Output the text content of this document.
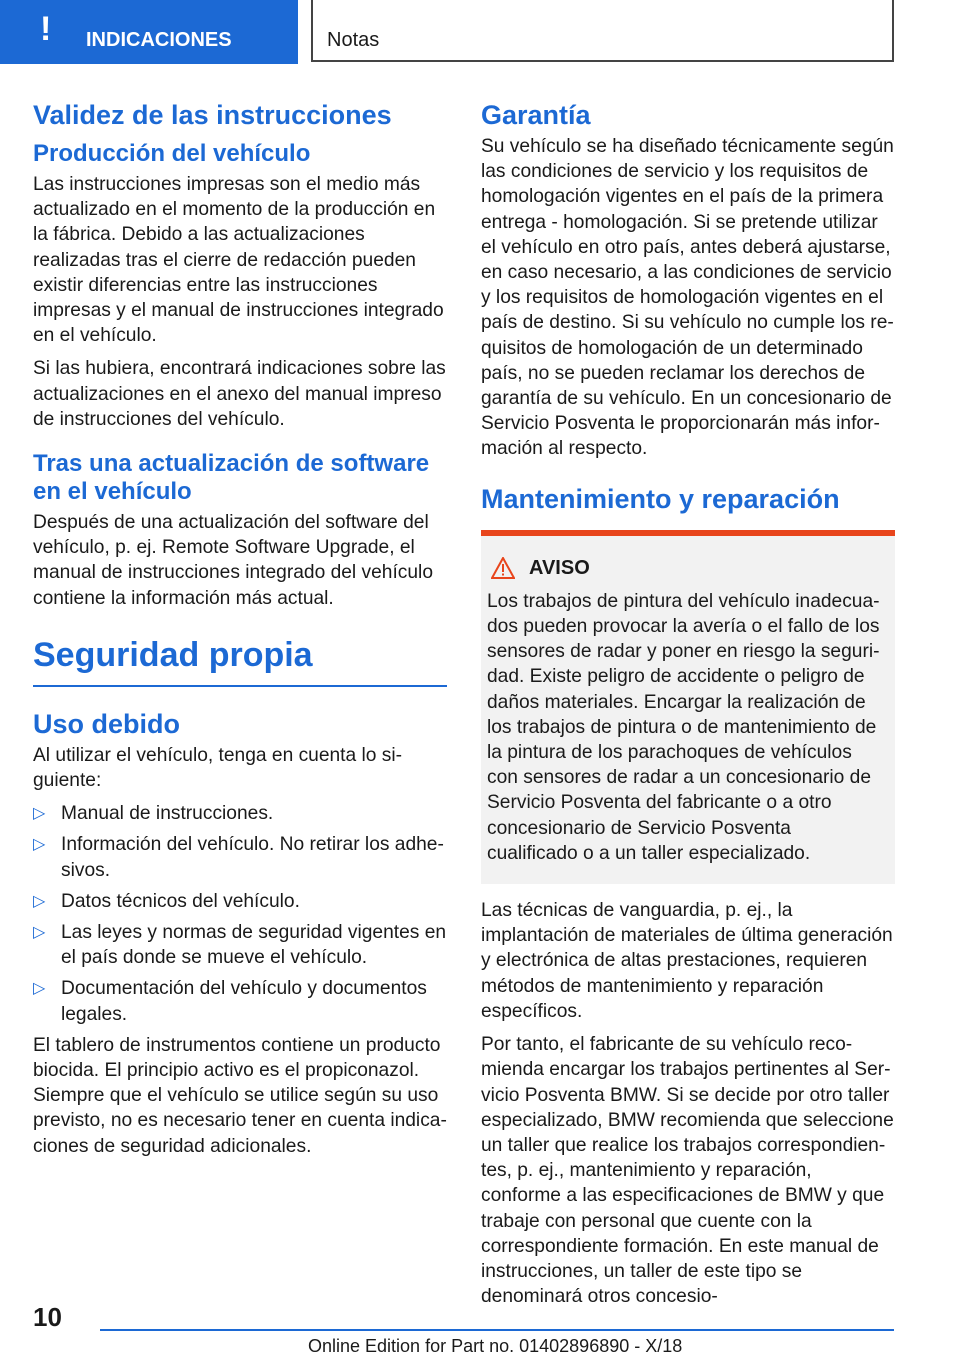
! INDICACIONES	Notas
Validez de las instrucciones
Producción del vehículo

Las instrucciones impresas son el medio más actualizado en el momento de la producción en la fábrica. Debido a las actualizaciones realizadas tras el cierre de redacción pueden existir diferencias entre las instrucciones impresas y el manual de instrucciones integrado en el vehículo.

Si las hubiera, encontrará indicaciones sobre las actualizaciones en el anexo del manual impreso de instrucciones del vehículo.

Tras una actualización de software en el vehículo

Después de una actualización del software del vehículo, p. ej. Remote Software Upgrade, el manual de instrucciones integrado del vehículo contiene la información más actual.

Seguridad propia
Uso debido

Al utilizar el vehículo, tenga en cuenta lo siguiente:

▷ Manual de instrucciones.
▷ Información del vehículo. No retirar los adhesivos.
▷ Datos técnicos del vehículo.
▷ Las leyes y normas de seguridad vigentes en el país donde se mueve el vehículo.
▷ Documentación del vehículo y documentos legales.

El tablero de instrumentos contiene un producto biocida. El principio activo es el propiconazol. Siempre que el vehículo se utilice según su uso previsto, no es necesario tener en cuenta indicaciones de seguridad adicionales.

Garantía

Su vehículo se ha diseñado técnicamente según las condiciones de servicio y los requisitos de homologación vigentes en el país de la primera entrega - homologación. Si se pretende utilizar el vehículo en otro país, antes deberá ajustarse, en caso necesario, a las condiciones de servicio y los requisitos de homologación vigentes en el país de destino. Si su vehículo no cumple los requisitos de homologación de un determinado país, no se pueden reclamar los derechos de garantía de su vehículo. En un concesionario de Servicio Posventa le proporcionarán más información al respecto.

Mantenimiento y reparación
AVISO

Los trabajos de pintura del vehículo inadecuados pueden provocar la avería o el fallo de los sensores de radar y poner en riesgo la seguridad. Existe peligro de accidente o peligro de daños materiales. Encargar la realización de los trabajos de pintura o de mantenimiento de la pintura de los parachoques de vehículos con sensores de radar a un concesionario de Servicio Posventa del fabricante o a otro concesionario de Servicio Posventa cualificado o a un taller especializado.

Las técnicas de vanguardia, p. ej., la implantación de materiales de última generación y electrónica de altas prestaciones, requieren métodos de mantenimiento y reparación específicos.

Por tanto, el fabricante de su vehículo recomienda encargar los trabajos pertinentes al Servicio Posventa BMW. Si se decide por otro taller especializado, BMW recomienda que seleccione un taller que realice los trabajos correspondientes, p. ej., mantenimiento y reparación, conforme a las especificaciones de BMW y que trabaje con personal que cuente con la correspondiente formación. En este manual de instrucciones, un taller de este tipo se denominará otros concesio-

10
Online Edition for Part no. 01402896890 - X/18
